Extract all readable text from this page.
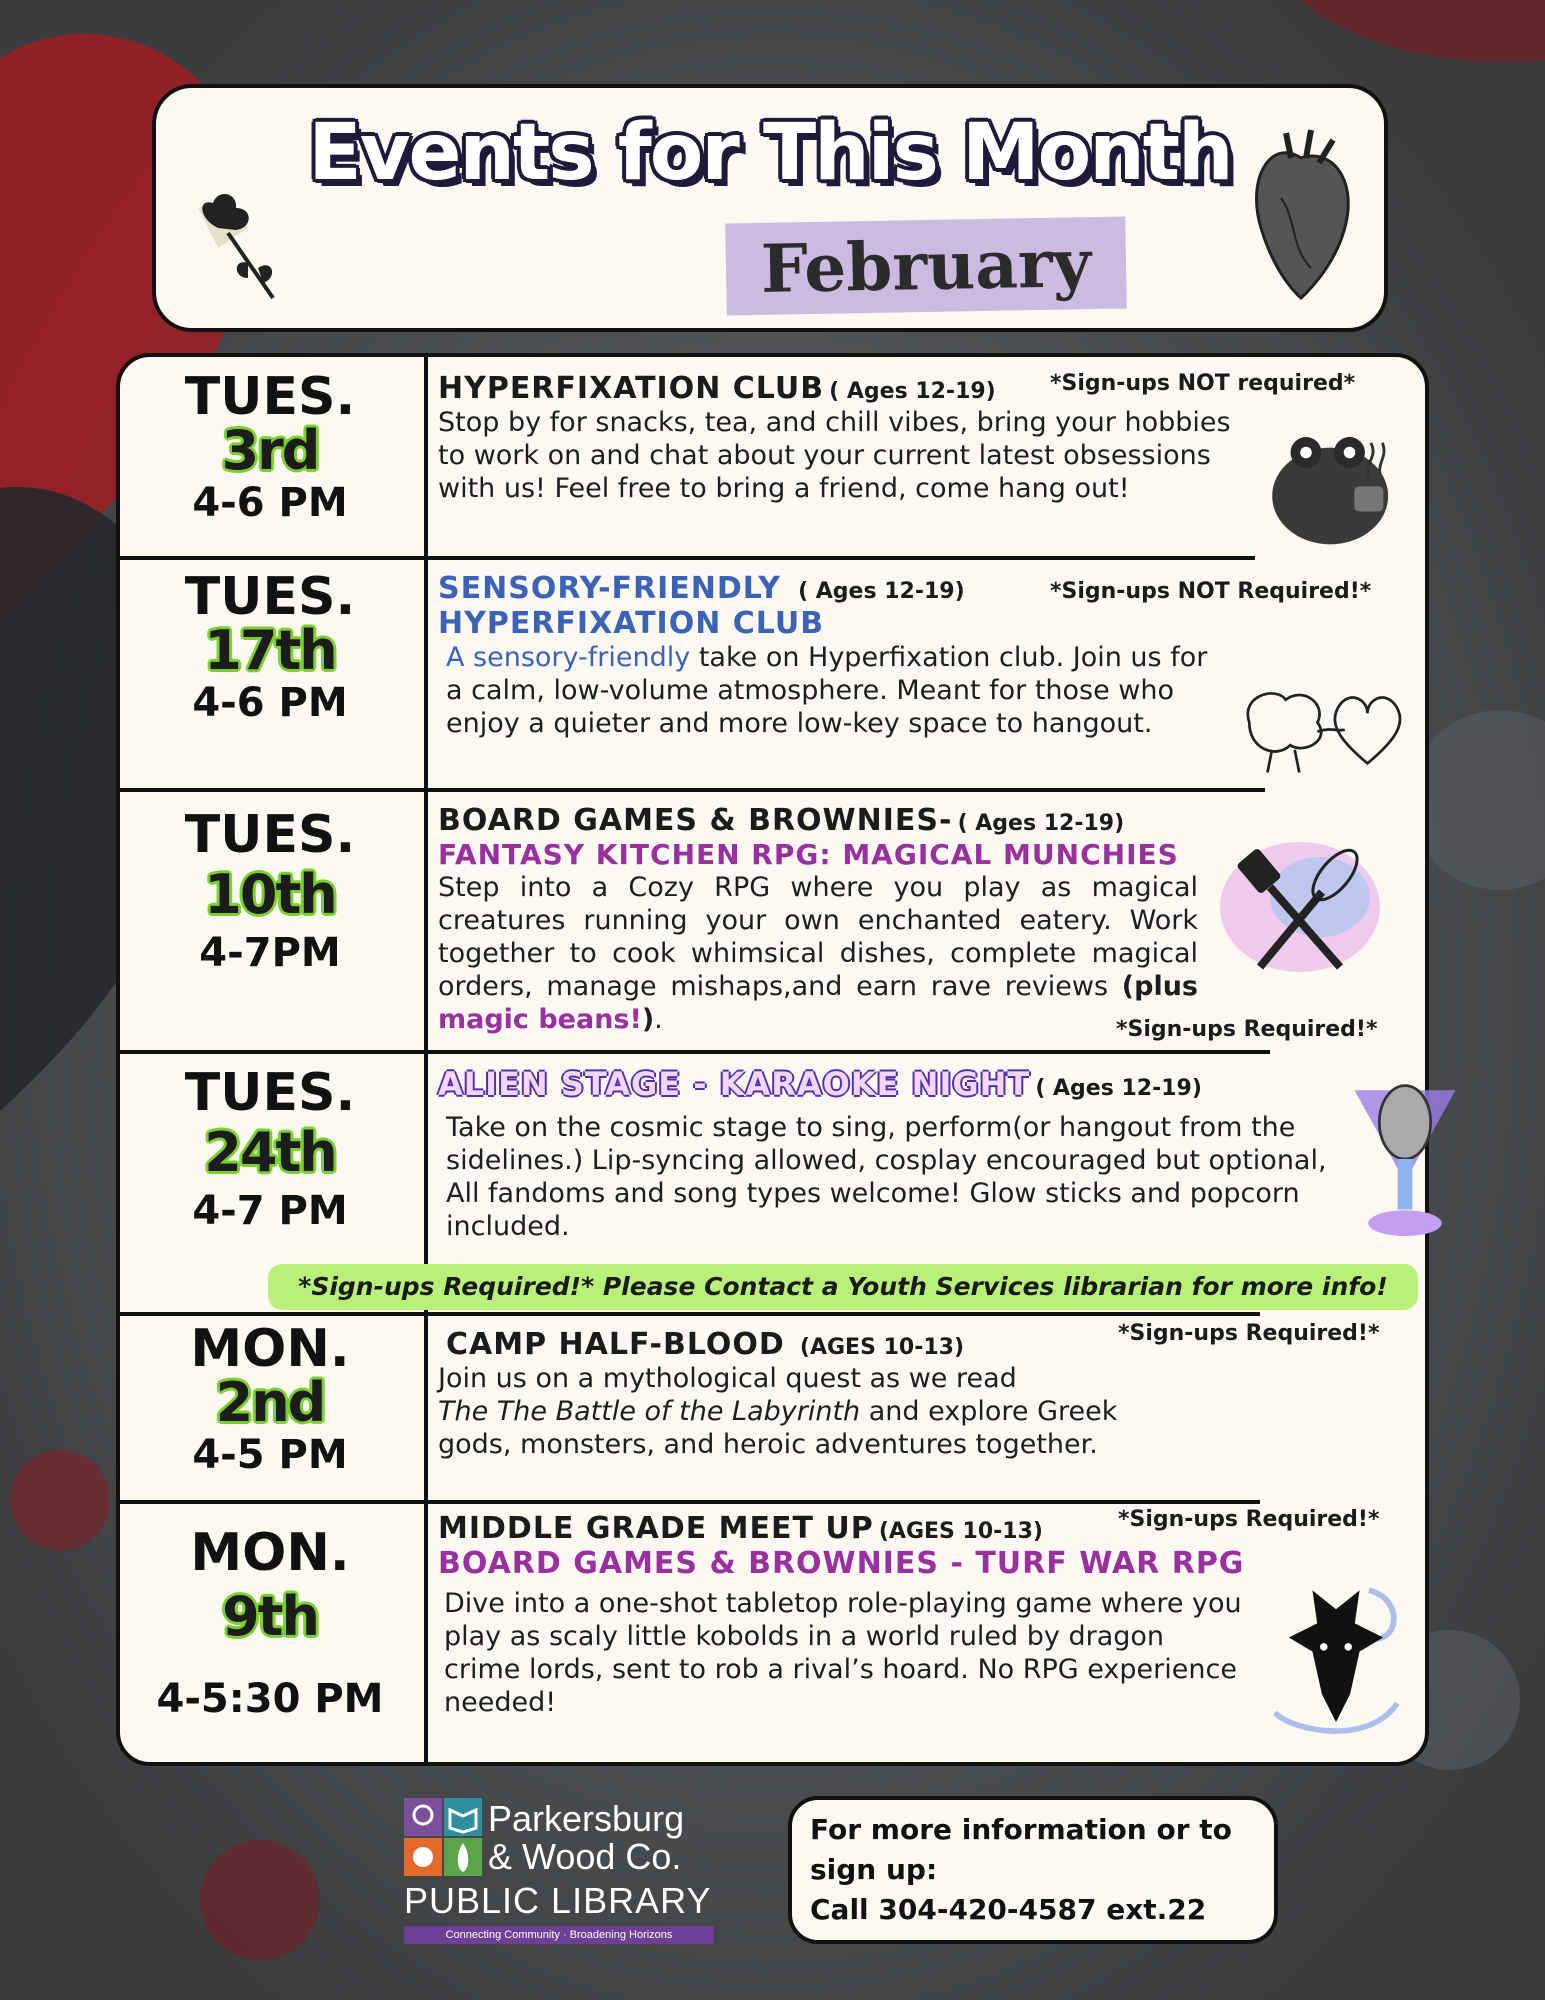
Events for This Month
February
TUES.
3rd
4-6 PM
HYPERFIXATION CLUB ( Ages 12-19)
Stop by for snacks, tea, and chill vibes, bring your hobbies to work on and chat about your current latest obsessions with us! Feel free to bring a friend, come hang out!
*Sign-ups NOT required*
TUES.
17th
4-6 PM
SENSORY-FRIENDLY ( Ages 12-19)
HYPERFIXATION CLUB
A sensory-friendly take on Hyperfixation club. Join us for a calm, low-volume atmosphere. Meant for those who enjoy a quieter and more low-key space to hangout.
*Sign-ups NOT Required!*
TUES.
10th
4-7PM
BOARD GAMES & BROWNIES- ( Ages 12-19)
FANTASY KITCHEN RPG: MAGICAL MUNCHIES
Step into a Cozy RPG where you play as magical creatures running your own enchanted eatery. Work together to cook whimsical dishes, complete magical orders, manage mishaps,and earn rave reviews (plus magic beans!).	*Sign-ups Required!*
TUES.
24th
4-7 PM
ALIEN STAGE - KARAOKE NIGHT ( Ages 12-19)
Take on the cosmic stage to sing, perform(or hangout from the sidelines.) Lip-syncing allowed, cosplay encouraged but optional, All fandoms and song types welcome! Glow sticks and popcorn included.
*Sign-ups Required!* Please Contact a Youth Services librarian for more info!
MON.
2nd
4-5 PM
CAMP HALF-BLOOD (AGES 10-13)
Join us on a mythological quest as we read
The The Battle of the Labyrinth and explore Greek
gods, monsters, and heroic adventures together.
*Sign-ups Required!*
MON.
9th
4-5:30 PM
MIDDLE GRADE MEET UP (AGES 10-13)
BOARD GAMES & BROWNIES - TURF WAR RPG
Dive into a one-shot tabletop role-playing game where you play as scaly little kobolds in a world ruled by dragon crime lords, sent to rob a rival’s hoard. No RPG experience needed!
*Sign-ups Required!*
Parkersburg
& Wood Co.
PUBLIC LIBRARY
Connecting Community · Broadening Horizons
For more information or to
sign up:
Call 304-420-4587 ext.22
